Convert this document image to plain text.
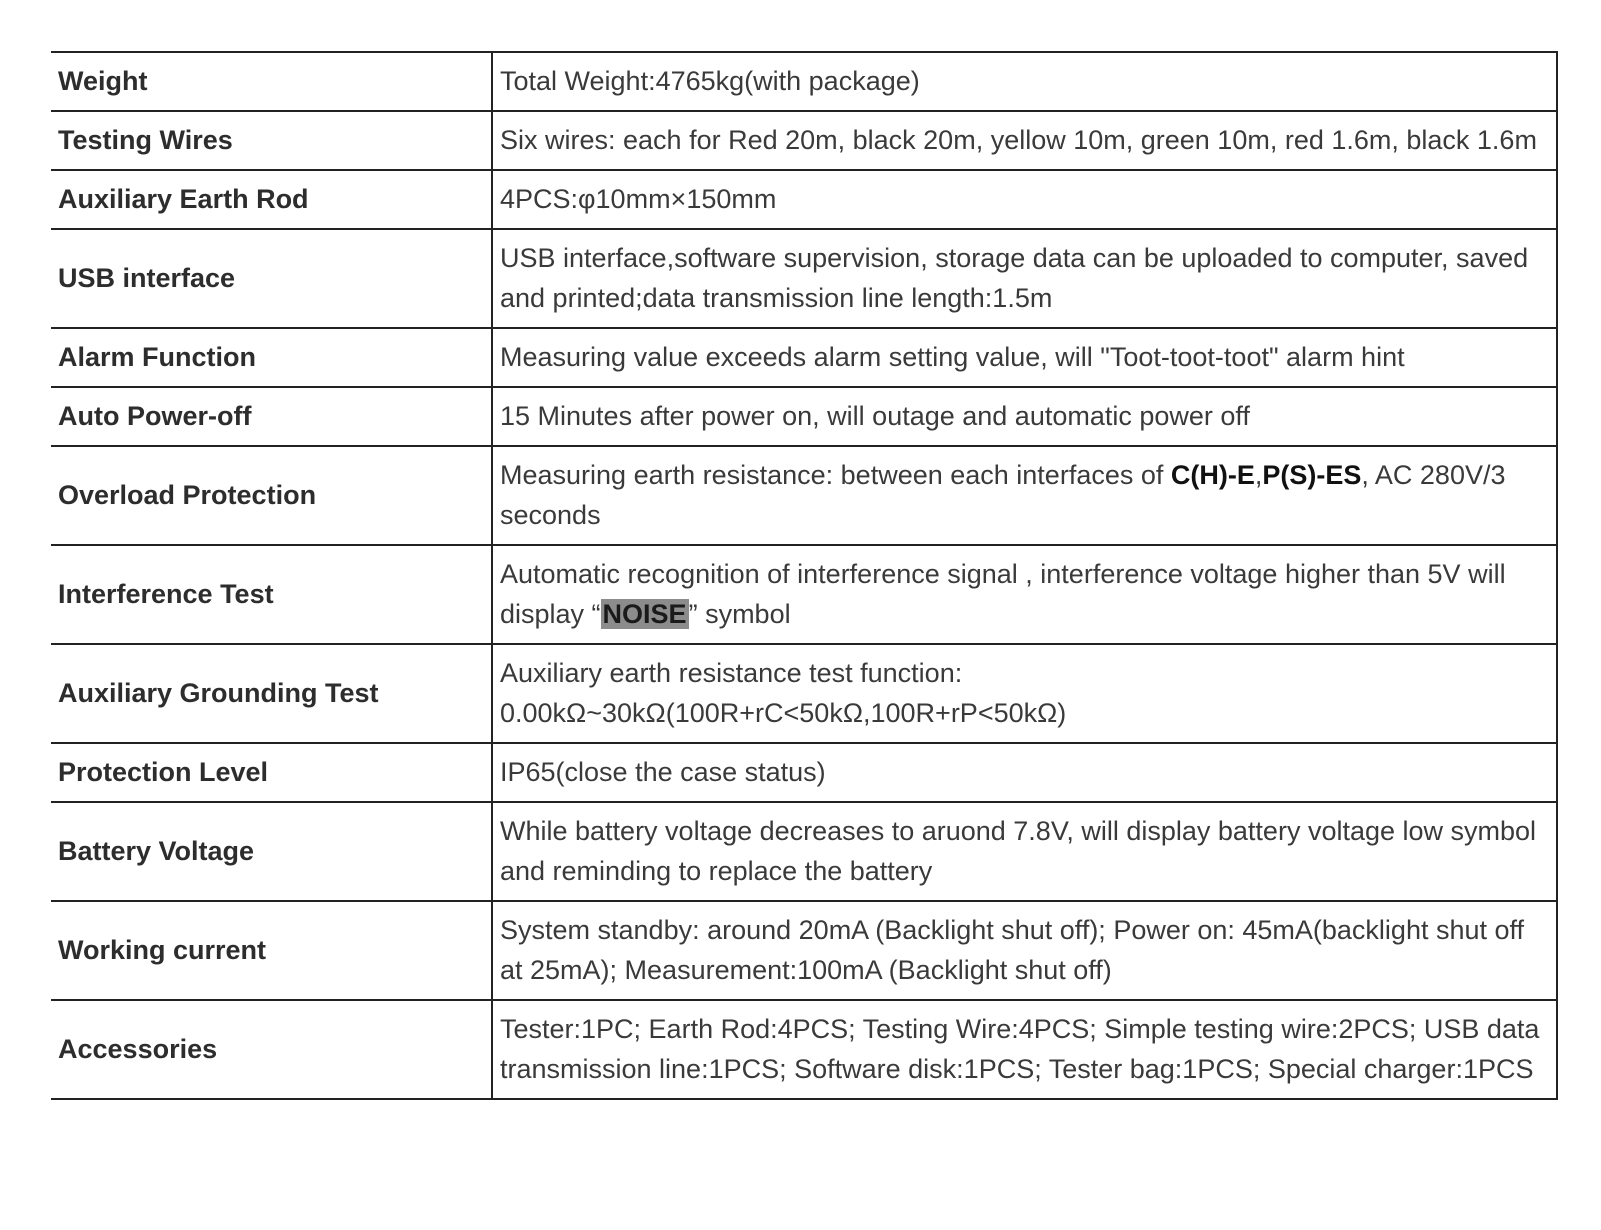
Weight	Total Weight:4765kg(with package)
Testing Wires	Six wires: each for Red 20m, black 20m, yellow 10m, green 10m, red 1.6m, black 1.6m
Auxiliary Earth Rod	4PCS:φ10mm×150mm
USB interface	USB interface,software supervision, storage data can be uploaded to computer, saved and printed;data transmission line length:1.5m
Alarm Function	Measuring value exceeds alarm setting value, will "Toot-toot-toot" alarm hint
Auto Power-off	15 Minutes after power on, will outage and automatic power off
Overload Protection	Measuring earth resistance: between each interfaces of C(H)-E,P(S)-ES, AC 280V/3 seconds
Interference Test	Automatic recognition of interference signal , interference voltage higher than 5V will display “NOISE” symbol
Auxiliary Grounding Test	Auxiliary earth resistance test function:
0.00kΩ~30kΩ(100R+rC<50kΩ,100R+rP<50kΩ)

Protection Level	IP65(close the case status)
Battery Voltage	While battery voltage decreases to aruond 7.8V, will display battery voltage low symbol and reminding to replace the battery
Working current	System standby: around 20mA (Backlight shut off); Power on: 45mA(backlight shut off at 25mA); Measurement:100mA (Backlight shut off)
Accessories	Tester:1PC; Earth Rod:4PCS; Testing Wire:4PCS; Simple testing wire:2PCS; USB data transmission line:1PCS; Software disk:1PCS; Tester bag:1PCS; Special charger:1PCS
